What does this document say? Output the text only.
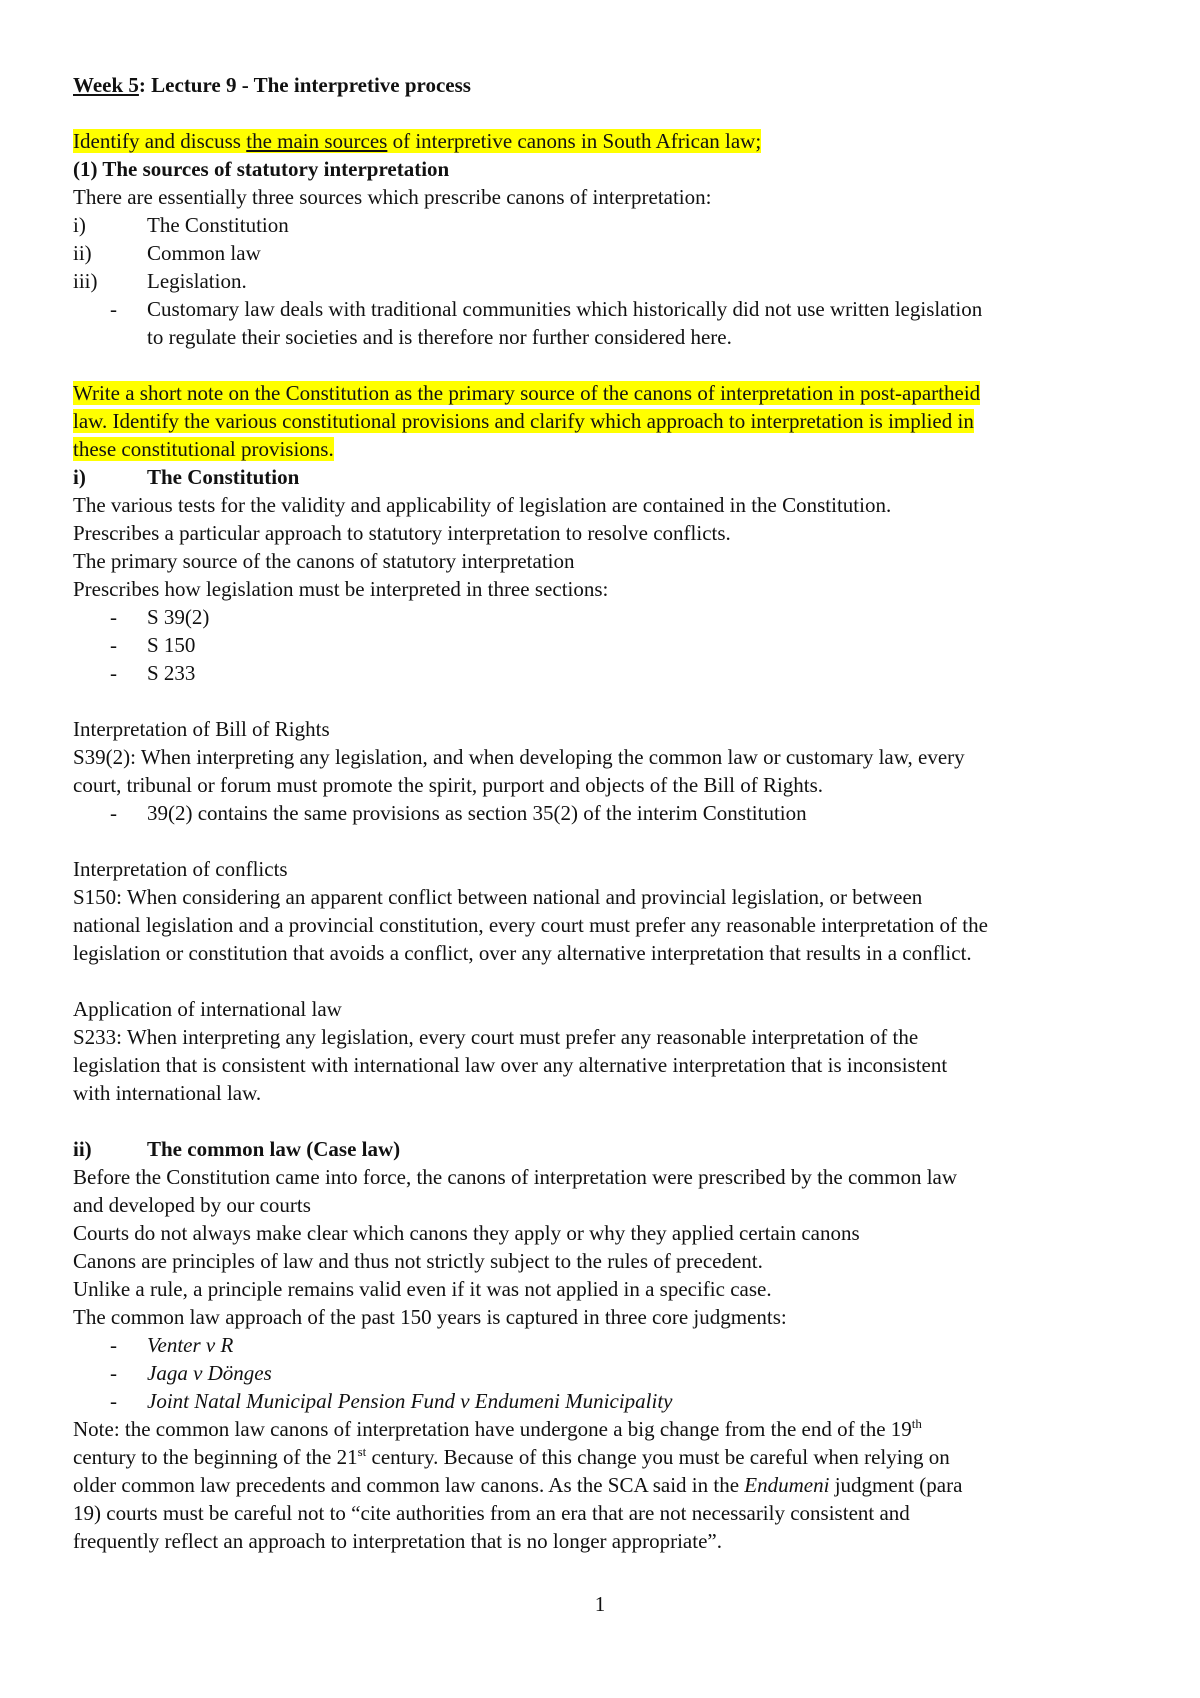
Week 5: Lecture 9 - The interpretive process
Identify and discuss the main sources of interpretive canons in South African law;
(1) The sources of statutory interpretation
There are essentially three sources which prescribe canons of interpretation:
i)	The Constitution
ii)	Common law
iii)	Legislation.
-	Customary law deals with traditional communities which historically did not use written legislation
to regulate their societies and is therefore nor further considered here.
Write a short note on the Constitution as the primary source of the canons of interpretation in post-apartheid
law. Identify the various constitutional provisions and clarify which approach to interpretation is implied in
these constitutional provisions.
i)	The Constitution
The various tests for the validity and applicability of legislation are contained in the Constitution.
Prescribes a particular approach to statutory interpretation to resolve conflicts.
The primary source of the canons of statutory interpretation
Prescribes how legislation must be interpreted in three sections:
-	S 39(2)
-	S 150
-	S 233
Interpretation of Bill of Rights
S39(2): When interpreting any legislation, and when developing the common law or customary law, every
court, tribunal or forum must promote the spirit, purport and objects of the Bill of Rights.
-	39(2) contains the same provisions as section 35(2) of the interim Constitution
Interpretation of conflicts
S150: When considering an apparent conflict between national and provincial legislation, or between
national legislation and a provincial constitution, every court must prefer any reasonable interpretation of the
legislation or constitution that avoids a conflict, over any alternative interpretation that results in a conflict.
Application of international law
S233: When interpreting any legislation, every court must prefer any reasonable interpretation of the
legislation that is consistent with international law over any alternative interpretation that is inconsistent
with international law.
ii)	The common law (Case law)
Before the Constitution came into force, the canons of interpretation were prescribed by the common law
and developed by our courts
Courts do not always make clear which canons they apply or why they applied certain canons
Canons are principles of law and thus not strictly subject to the rules of precedent.
Unlike a rule, a principle remains valid even if it was not applied in a specific case.
The common law approach of the past 150 years is captured in three core judgments:
-	Venter v R
-	Jaga v Dönges
-	Joint Natal Municipal Pension Fund v Endumeni Municipality
Note: the common law canons of interpretation have undergone a big change from the end of the 19th
century to the beginning of the 21st century. Because of this change you must be careful when relying on
older common law precedents and common law canons. As the SCA said in the Endumeni judgment (para
19) courts must be careful not to “cite authorities from an era that are not necessarily consistent and
frequently reflect an approach to interpretation that is no longer appropriate”.
1
